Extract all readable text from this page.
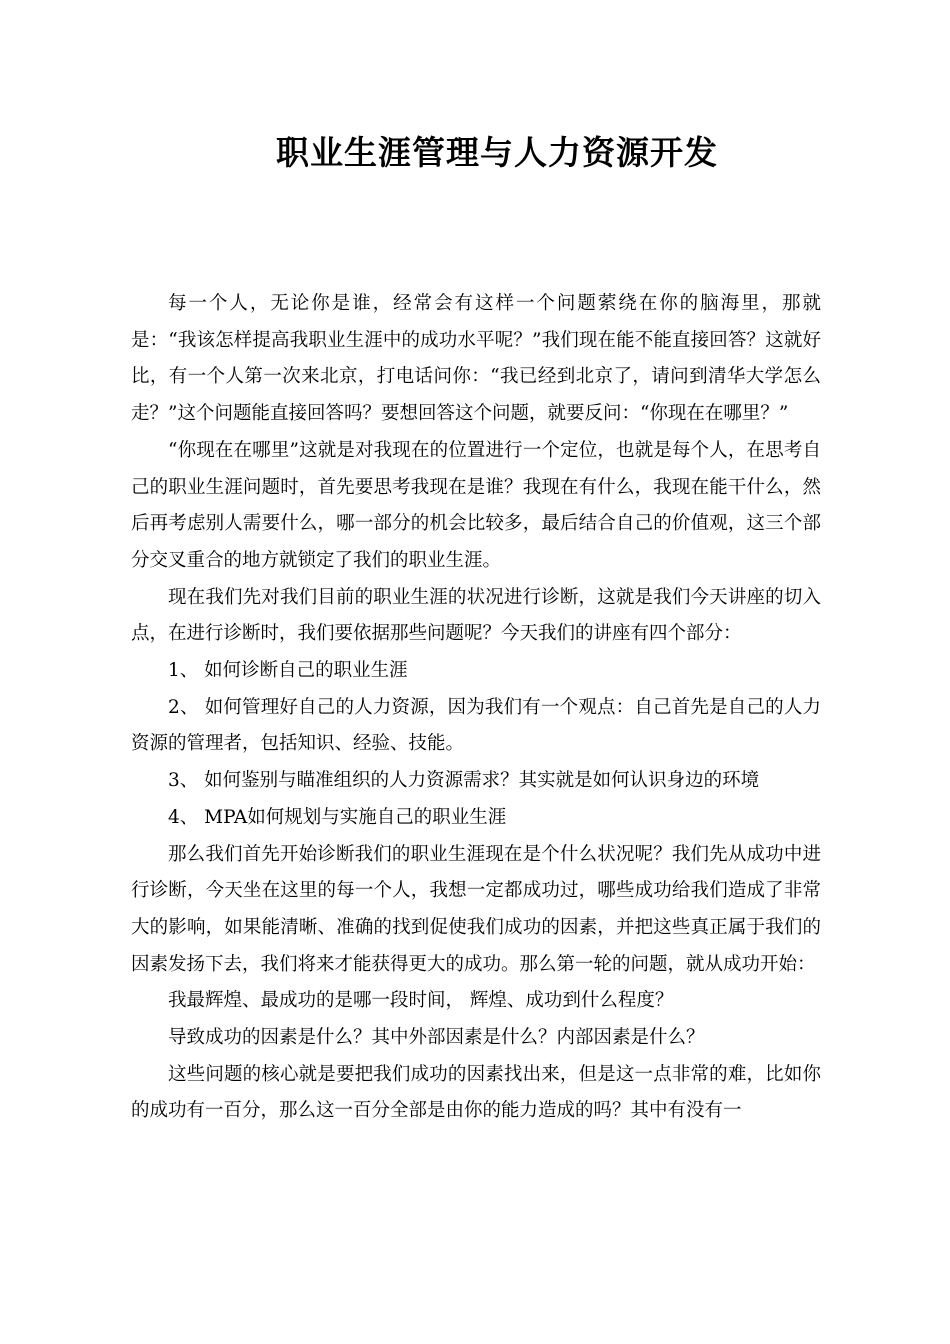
职业生涯管理与人力资源开发

每一个人，无论你是谁，经常会有这样一个问题萦绕在你的脑海里，那就是：“我该怎样提高我职业生涯中的成功水平呢？”我们现在能不能直接回答？这就好比，有一个人第一次来北京，打电话问你：“我已经到北京了，请问到清华大学怎么走？”这个问题能直接回答吗？要想回答这个问题，就要反问：“你现在在哪里？”

“你现在在哪里”这就是对我现在的位置进行一个定位，也就是每个人，在思考自己的职业生涯问题时，首先要思考我现在是谁？我现在有什么，我现在能干什么，然后再考虑别人需要什么，哪一部分的机会比较多，最后结合自己的价值观，这三个部分交叉重合的地方就锁定了我们的职业生涯。

现在我们先对我们目前的职业生涯的状况进行诊断，这就是我们今天讲座的切入点，在进行诊断时，我们要依据那些问题呢？今天我们的讲座有四个部分：

1、 如何诊断自己的职业生涯

2、 如何管理好自己的人力资源，因为我们有一个观点：自己首先是自己的人力资源的管理者，包括知识、经验、技能。

3、 如何鉴别与瞄准组织的人力资源需求？其实就是如何认识身边的环境

4、 MPA如何规划与实施自己的职业生涯

那么我们首先开始诊断我们的职业生涯现在是个什么状况呢？我们先从成功中进行诊断，今天坐在这里的每一个人，我想一定都成功过，哪些成功给我们造成了非常大的影响，如果能清晰、准确的找到促使我们成功的因素，并把这些真正属于我们的因素发扬下去，我们将来才能获得更大的成功。那么第一轮的问题，就从成功开始：

我最辉煌、最成功的是哪一段时间， 辉煌、成功到什么程度？

导致成功的因素是什么？其中外部因素是什么？内部因素是什么？

这些问题的核心就是要把我们成功的因素找出来，但是这一点非常的难，比如你的成功有一百分，那么这一百分全部是由你的能力造成的吗？其中有没有一
